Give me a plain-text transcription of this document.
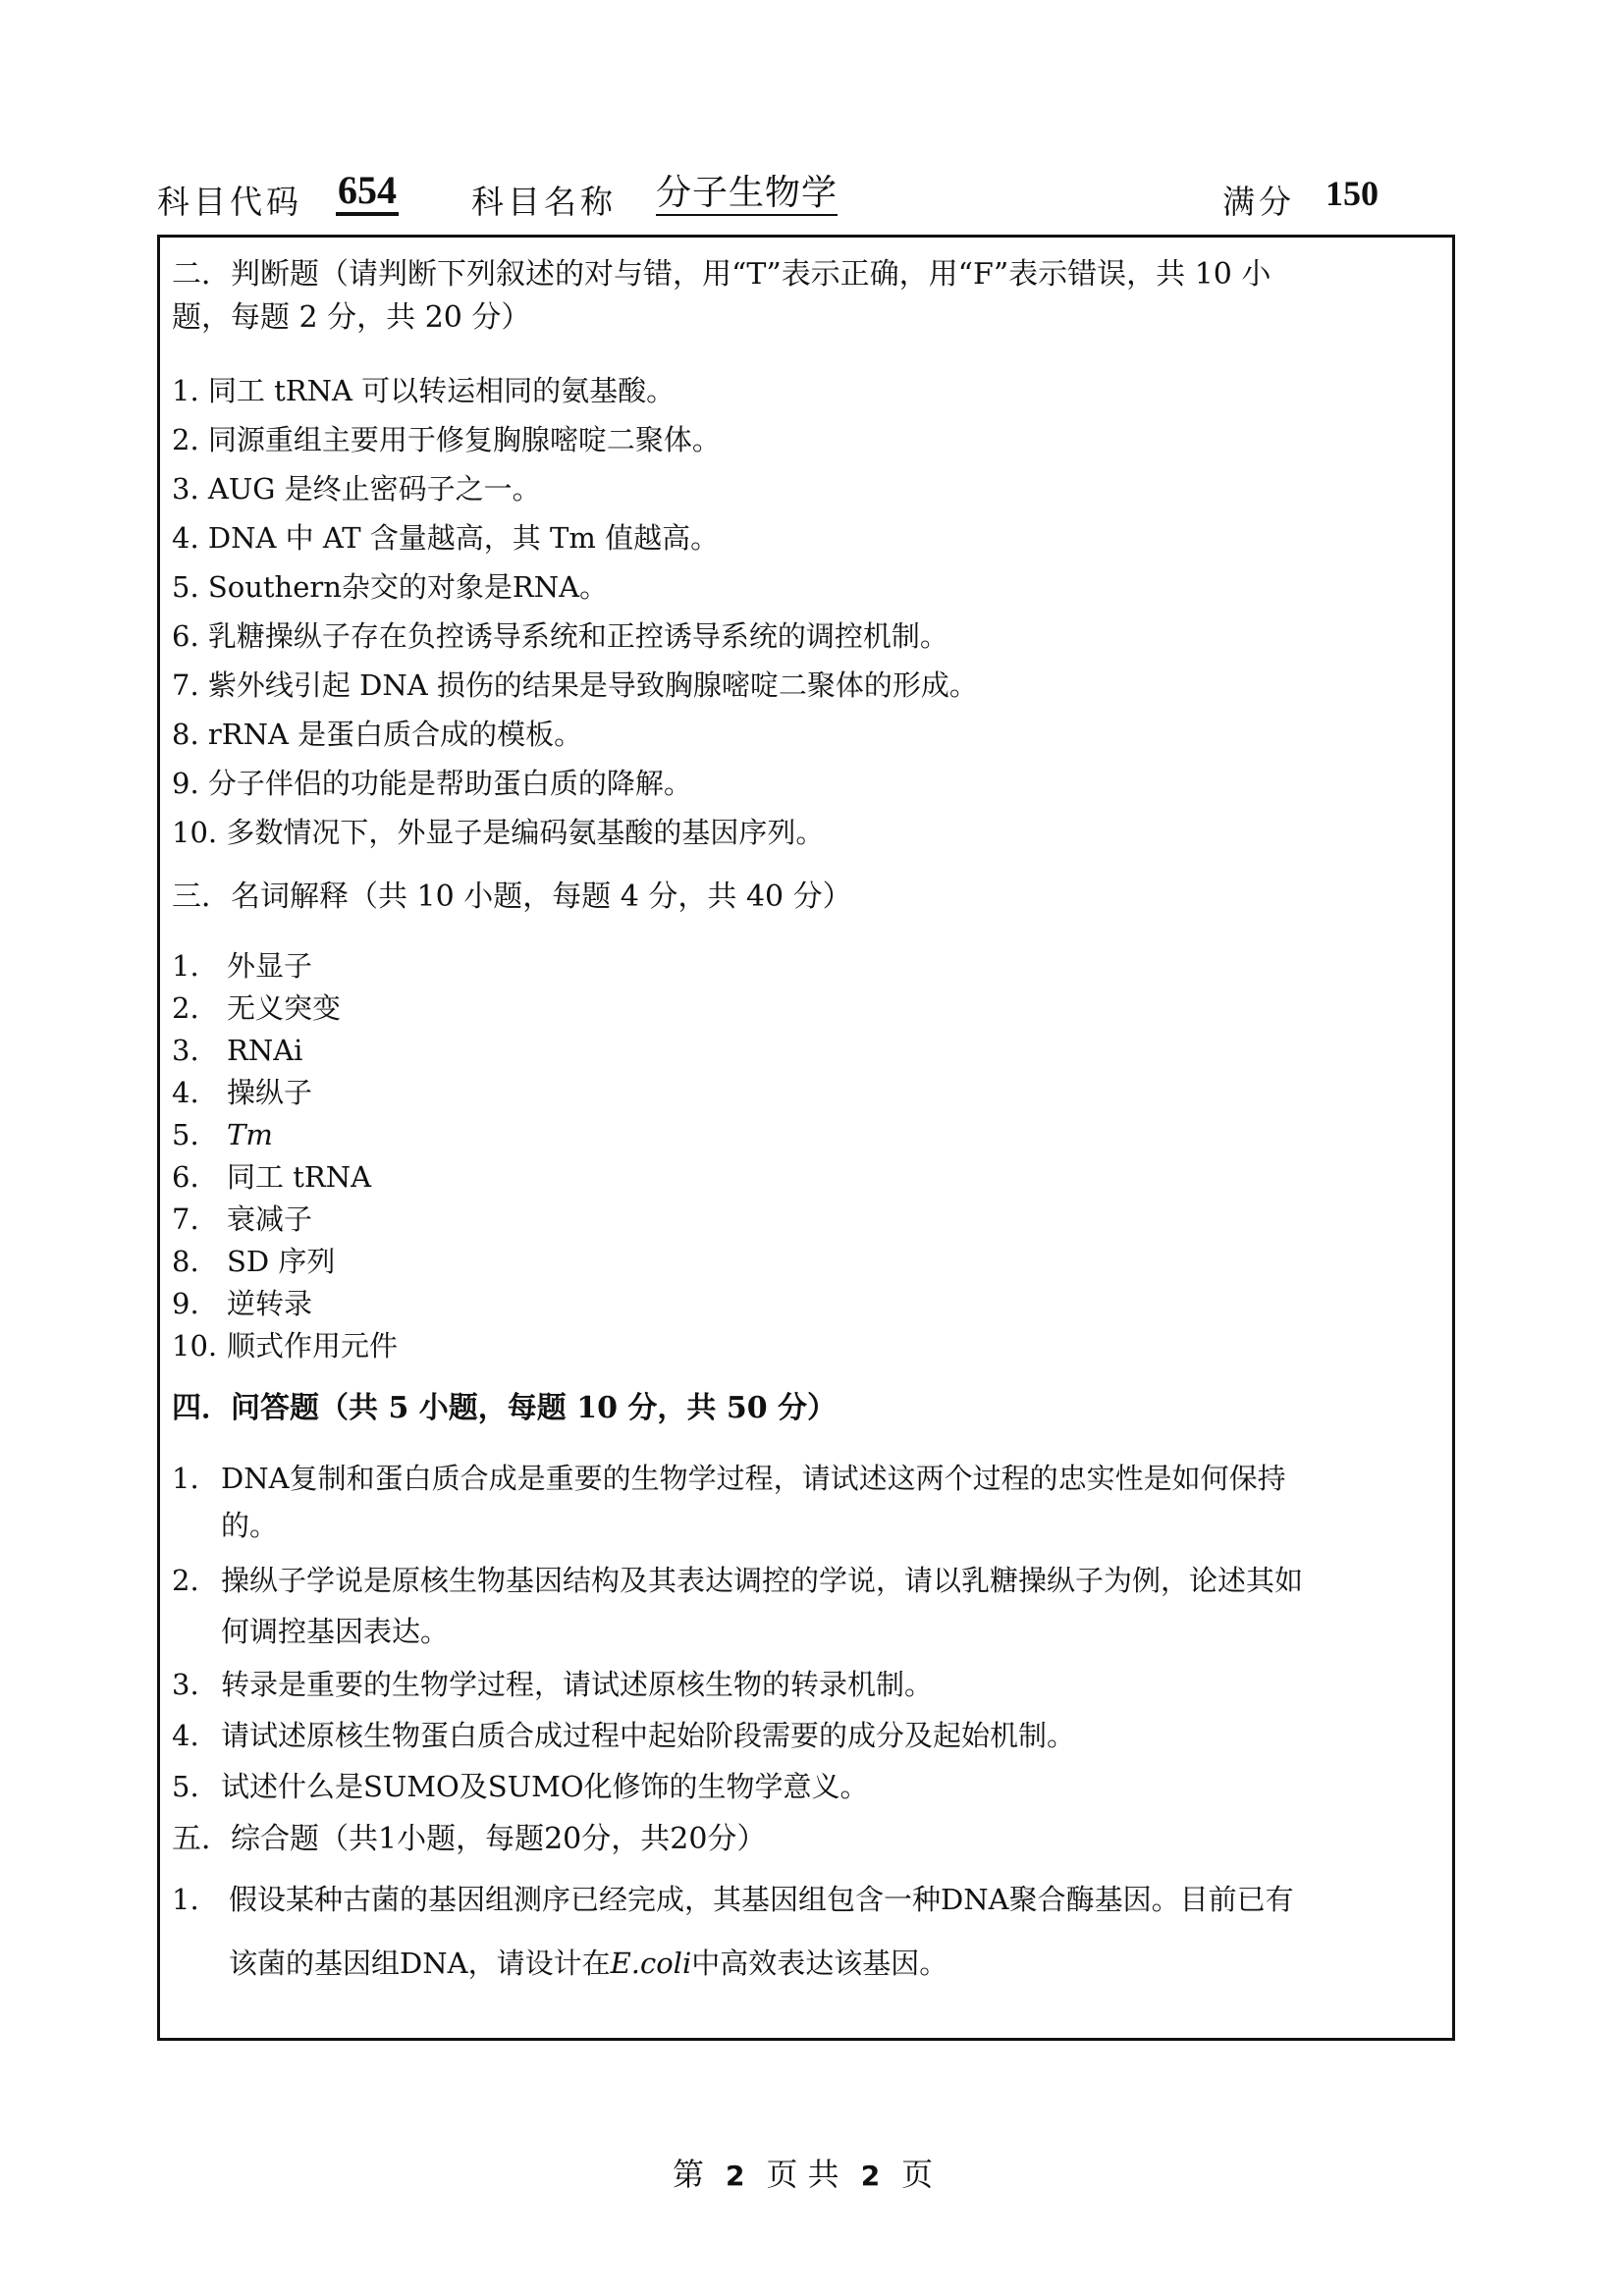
科目代码 654 科目名称 分子生物学	满分 150
二．判断题（请判断下列叙述的对与错，用“T”表示正确，用“F”表示错误，共 10 小
题，每题 2 分，共 20 分）
1. 同工 tRNA 可以转运相同的氨基酸。
2. 同源重组主要用于修复胸腺嘧啶二聚体。
3. AUG 是终止密码子之一。
4. DNA 中 AT 含量越高，其 Tm 值越高。
5. Southern杂交的对象是RNA。
6. 乳糖操纵子存在负控诱导系统和正控诱导系统的调控机制。
7. 紫外线引起 DNA 损伤的结果是导致胸腺嘧啶二聚体的形成。
8. rRNA 是蛋白质合成的模板。
9. 分子伴侣的功能是帮助蛋白质的降解。
10. 多数情况下，外显子是编码氨基酸的基因序列。
三．名词解释（共 10 小题，每题 4 分，共 40 分）
1. 外显子
2. 无义突变
3. RNAi
4. 操纵子
5. Tm
6. 同工 tRNA
7. 衰减子
8. SD 序列
9. 逆转录
10. 顺式作用元件
四．问答题（共 5 小题，每题 10 分，共 50 分）
1. DNA复制和蛋白质合成是重要的生物学过程，请试述这两个过程的忠实性是如何保持
的。
2. 操纵子学说是原核生物基因结构及其表达调控的学说，请以乳糖操纵子为例，论述其如
何调控基因表达。
3. 转录是重要的生物学过程，请试述原核生物的转录机制。
4. 请试述原核生物蛋白质合成过程中起始阶段需要的成分及起始机制。
5. 试述什么是SUMO及SUMO化修饰的生物学意义。
五．综合题（共1小题，每题20分，共20分）
1. 假设某种古菌的基因组测序已经完成，其基因组包含一种DNA聚合酶基因。目前已有
该菌的基因组DNA，请设计在E.coli中高效表达该基因。
第 2 页 共 2 页
